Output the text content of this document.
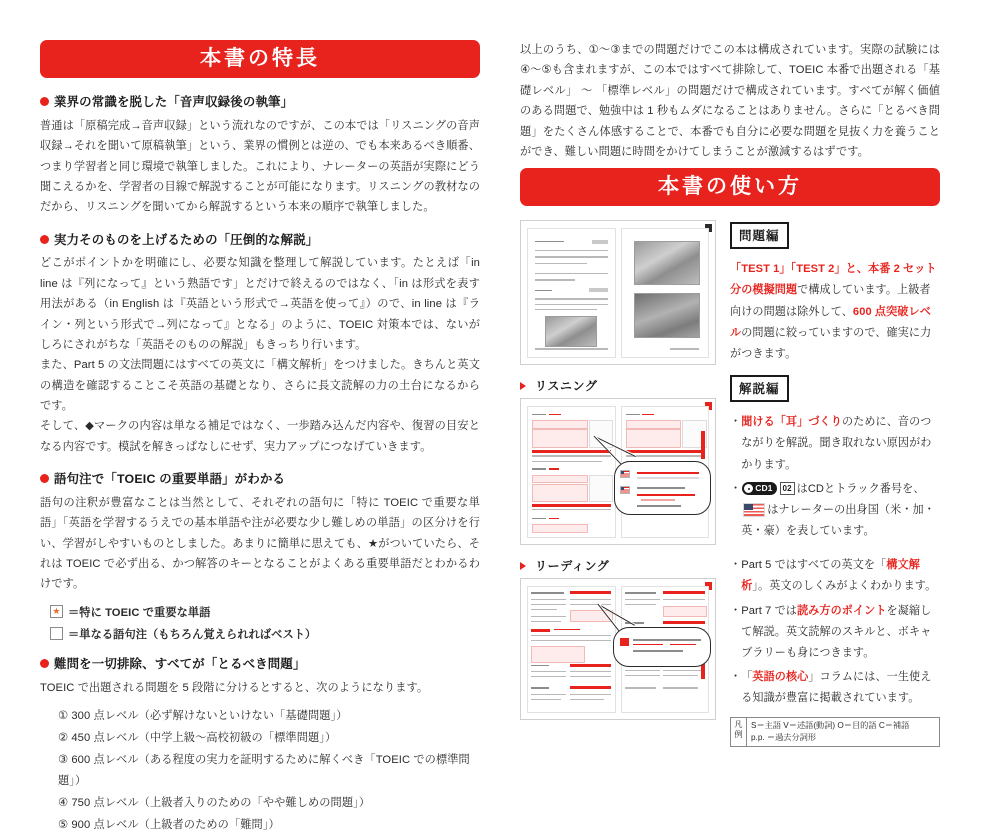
本書の特長
業界の常識を脱した「音声収録後の執筆」

普通は「原稿完成→音声収録」という流れなのですが、この本では「リスニングの音声収録→それを聞いて原稿執筆」という、業界の慣例とは逆の、でも本来あるべき順番、つまり学習者と同じ環境で執筆しました。これにより、ナレーターの英語が実際にどう聞こえるかを、学習者の目線で解説することが可能になります。リスニングの教材なのだから、リスニングを聞いてから解説するという本来の順序で執筆しました。

実力そのものを上げるための「圧倒的な解説」

どこがポイントかを明確にし、必要な知識を整理して解説しています。たとえば「in line は『列になって』という熟語です」とだけで終えるのではなく、「in は形式を表す用法がある（in English は『英語という形式で→英語を使って』）ので、in line は『ライン・列という形式で→列になって』となる」のように、TOEIC 対策本では、ないがしろにされがちな「英語そのものの解説」もきっちり行います。

また、Part 5 の文法問題にはすべての英文に「構文解析」をつけました。きちんと英文の構造を確認することこそ英語の基礎となり、さらに長文読解の力の土台になるからです。

そして、◆マークの内容は単なる補足ではなく、一歩踏み込んだ内容や、復習の目安となる内容です。模試を解きっぱなしにせず、実力アップにつなげていきます。

語句注で「TOEIC の重要単語」がわかる

語句の注釈が豊富なことは当然として、それぞれの語句に「特に TOEIC で重要な単語」「英語を学習するうえでの基本単語や注が必要な少し難しめの単語」の区分けを行い、学習がしやすいものとしました。あまりに簡単に思えても、★がついていたら、それは TOEIC で必ず出る、かつ解答のキーとなることがよくある重要単語だとわかるわけです。

★ ＝特に TOEIC で重要な単語
＝単なる語句注（もちろん覚えられればベスト）
難問を一切排除、すべてが「とるべき問題」

TOEIC で出題される問題を 5 段階に分けるとすると、次のようになります。

① 300 点レベル（必ず解けないといけない「基礎問題」）
② 450 点レベル（中学上級～高校初級の「標準問題」）
③ 600 点レベル（ある程度の実力を証明するために解くべき「TOEIC での標準問題」）
④ 750 点レベル（上級者入りのための「やや難しめの問題」）
⑤ 900 点レベル（上級者のための「難問」）

以上のうち、①～③までの問題だけでこの本は構成されています。実際の試験には④～⑤も含まれますが、この本ではすべて排除して、TOEIC 本番で出題される「基礎レベル」 ～ 「標準レベル」の問題だけで構成されています。すべてが解く価値のある問題で、勉強中は 1 秒もムダになることはありません。さらに「とるべき問題」をたくさん体感することで、本番でも自分に必要な問題を見抜く力を養うことができ、難しい問題に時間をかけてしまうことが激減するはずです。

本書の使い方
問題編

「TEST 1」「TEST 2」と、本番 2 セット分の模擬問題で構成しています。上級者向けの問題は除外して、600 点突破レベルの問題に絞っていますので、確実に力がつきます。

リスニング	解説編
・ 聞ける「耳」づくりのために、音のつながりを解説。聞き取れない原因がわかります。
・ CD1 02 はCDとトラック番号を、はナレーターの出身国（米・加・英・豪）を表しています。
リーディング	・ Part 5 ではすべての英文を「構文解析」。英文のしくみがよくわかります。
・ Part 7 では読み方のポイントを凝縮して解説。英文読解のスキルと、ボキャブラリーも身につきます。
・ 「英語の核心」コラムには、一生使える知識が豊富に掲載されています。
凡
例
S＝主語 V＝述語(動詞) O＝目的語 C＝補語
p.p. ＝過去分詞形
